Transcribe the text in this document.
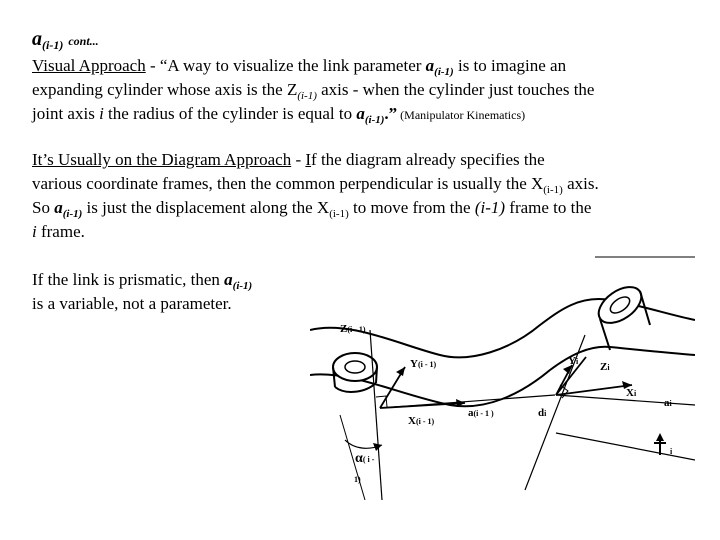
$a_{(i-1)}$ cont...
Visual Approach - “A way to visualize the link parameter $a_{(i-1)}$ is to imagine an
expanding cylinder whose axis is the $Z_{(i-1)}$ axis - when the cylinder just touches the
joint axis i the radius of the cylinder is equal to $a_{(i-1)}$.” (Manipulator Kinematics)
It’s Usually on the Diagram Approach - If the diagram already specifies the
various coordinate frames, then the common perpendicular is usually the $X_{(i-1)}$ axis.
So $a_{(i-1)}$ is just the displacement along the $X_{(i-1)}$ to move from the (i-1) frame to the
i frame.
If the link is prismatic, then $a_{(i-1)}$
is a variable, not a parameter.
Z(i - 1)
Y(i - 1)
X(i - 1)
a(i - 1 )	di
Yi Zi
Xi
ai
i
α( i -
1)
